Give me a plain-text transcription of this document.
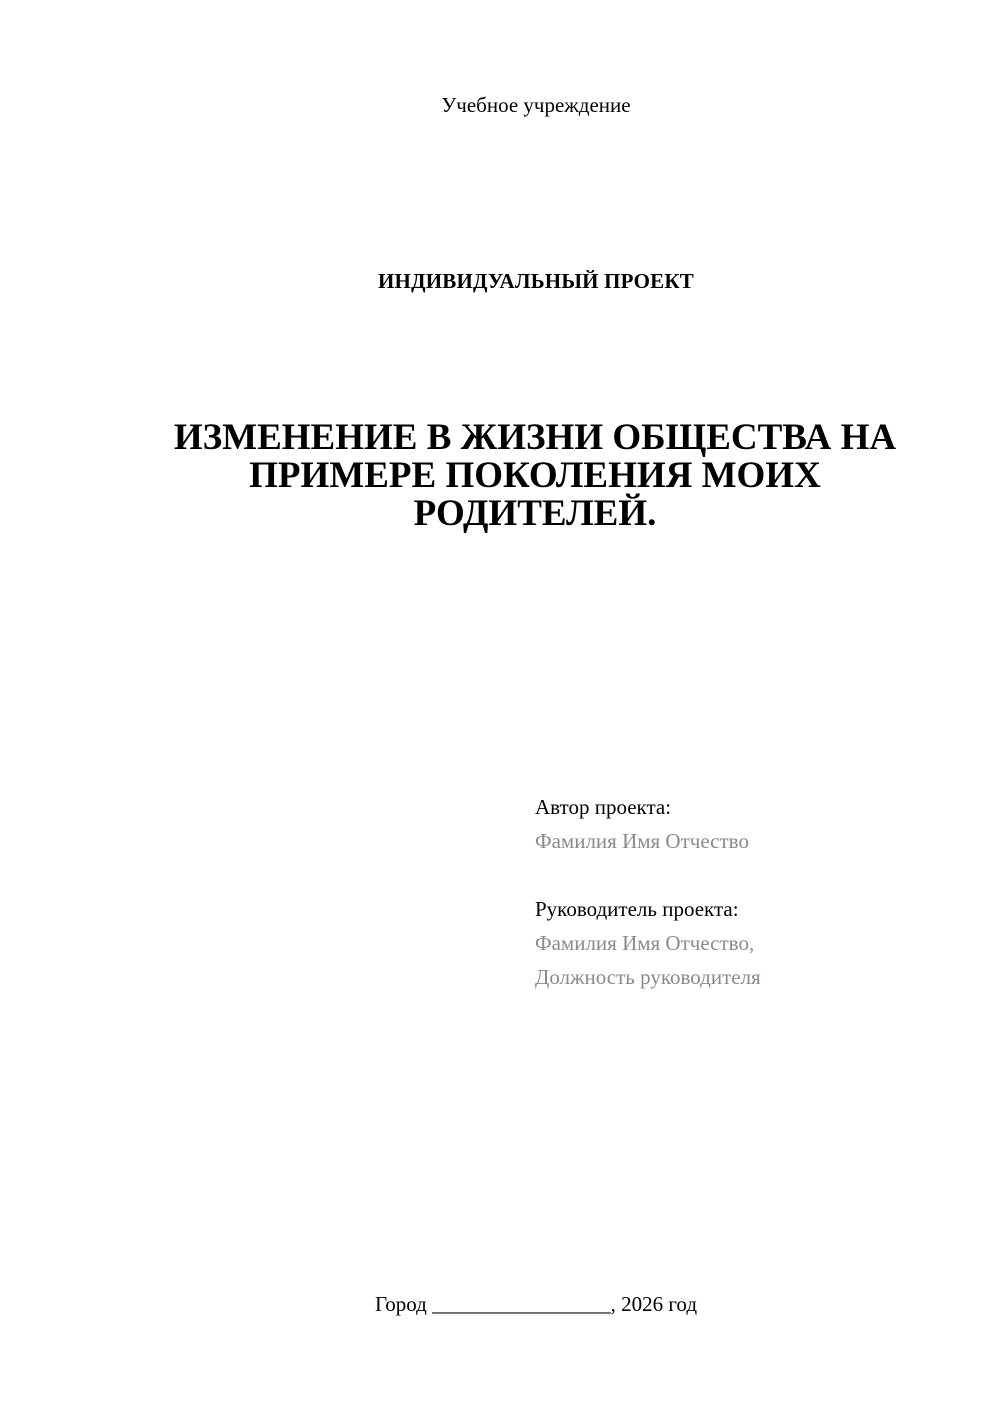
Учебное учреждение
ИНДИВИДУАЛЬНЫЙ ПРОЕКТ
ИЗМЕНЕНИЕ В ЖИЗНИ ОБЩЕСТВА НА ПРИМЕРЕ ПОКОЛЕНИЯ МОИХ РОДИТЕЛЕЙ.
Автор проекта:
Фамилия Имя Отчество
Руководитель проекта:
Фамилия Имя Отчество,
Должность руководителя
Город _________________, 2026 год
